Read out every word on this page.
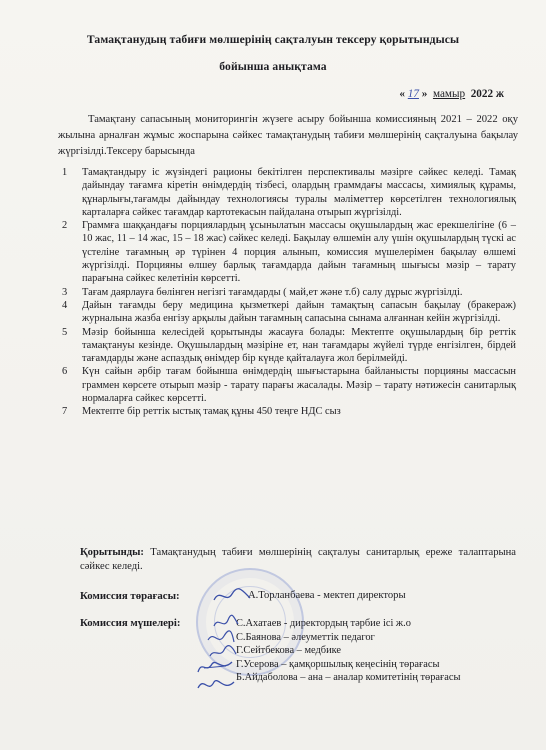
Тамақтанудың табиғи мөлшерінің сақталуын тексеру қорытындысы
бойынша анықтама
« 17 » мамыр 2022 ж
Тамақтану сапасының мониторингін жүзеге асыру бойынша комиссияның 2021 – 2022 оқу жылына арналған жұмыс жоспарына сәйкес тамақтанудың табиғи мөлшерінің сақталуына бақылау жүргізілді.Тексеру барысында
1 Тамақтандыру іс жүзіндегі рационы бекітілген перспективалы мәзірге сәйкес келеді. Тамақ дайындау тағамға кіретін өнімдердің тізбесі, олардың граммдағы массасы, химиялық құрамы, құнарлығы,тағамды дайындау технологиясы туралы мәліметтер көрсетілген технологиялық карталарға сәйкес тағамдар картотекасын пайдалана отырып жүргізілді.
2 Граммға шаққандағы порциялардың ұсынылатын массасы оқушылардың жас ерекшелігіне (6 – 10 жас, 11 – 14 жас, 15 – 18 жас) сәйкес келеді. Бақылау өлшемін алу үшін оқушылардың түскі ас үстеліне тағамның әр түрінен 4 порция алынып, комиссия мүшелерімен бақылау өлшемі жүргізілді. Порцияны өлшеу барлық тағамдарда дайын тағамның шығысы мәзір – тарату парағына сәйкес келетінін көрсетті.
3 Тағам даярлауға бөлінген негізгі тағамдарды ( май,ет және т.б) салу дұрыс жүргізілді.
4 Дайын тағамды беру медицина қызметкері дайын тамақтың сапасын бақылау (бракераж) журналына жазба енгізу арқылы дайын тағамның сапасына сынама алғаннан кейін жүргізілді.
5 Мәзір бойынша келесідей қорытынды жасауға болады: Мектепте оқушылардың бір реттік тамақтануы кезінде. Оқушылардың мәзіріне ет, нан тағамдары жүйелі түрде енгізілген, бірдей тағамдарды және аспаздық өнімдер бір күнде қайталауға жол берілмейді.
6 Күн сайын әрбір тағам бойынша өнімдердің шығыстарына байланысты порцияны массасын граммен көрсете отырып мәзір - тарату парағы жасалады. Мәзір – тарату нәтижесін санитарлық нормаларға сәйкес көрсетті.
7 Мектепте бір реттік ыстық тамақ құны 450 теңге НДС сыз
Қорытынды: Тамақтанудың табиғи мөлшерінің сақталуы санитарлық ереже талаптарына сәйкес келеді.
Комиссия төрағасы:	А.Торланбаева - мектеп директоры
Комиссия мүшелері:	С.Ахатаев - директордың тәрбие ісі ж.о
С.Баянова – әлеуметтік педагог
Г.Сейтбекова – медбике
Г.Усерова – қамқоршылық кеңесінің төрағасы
Б.Айдаболова – ана – аналар комитетінің төрағасы
